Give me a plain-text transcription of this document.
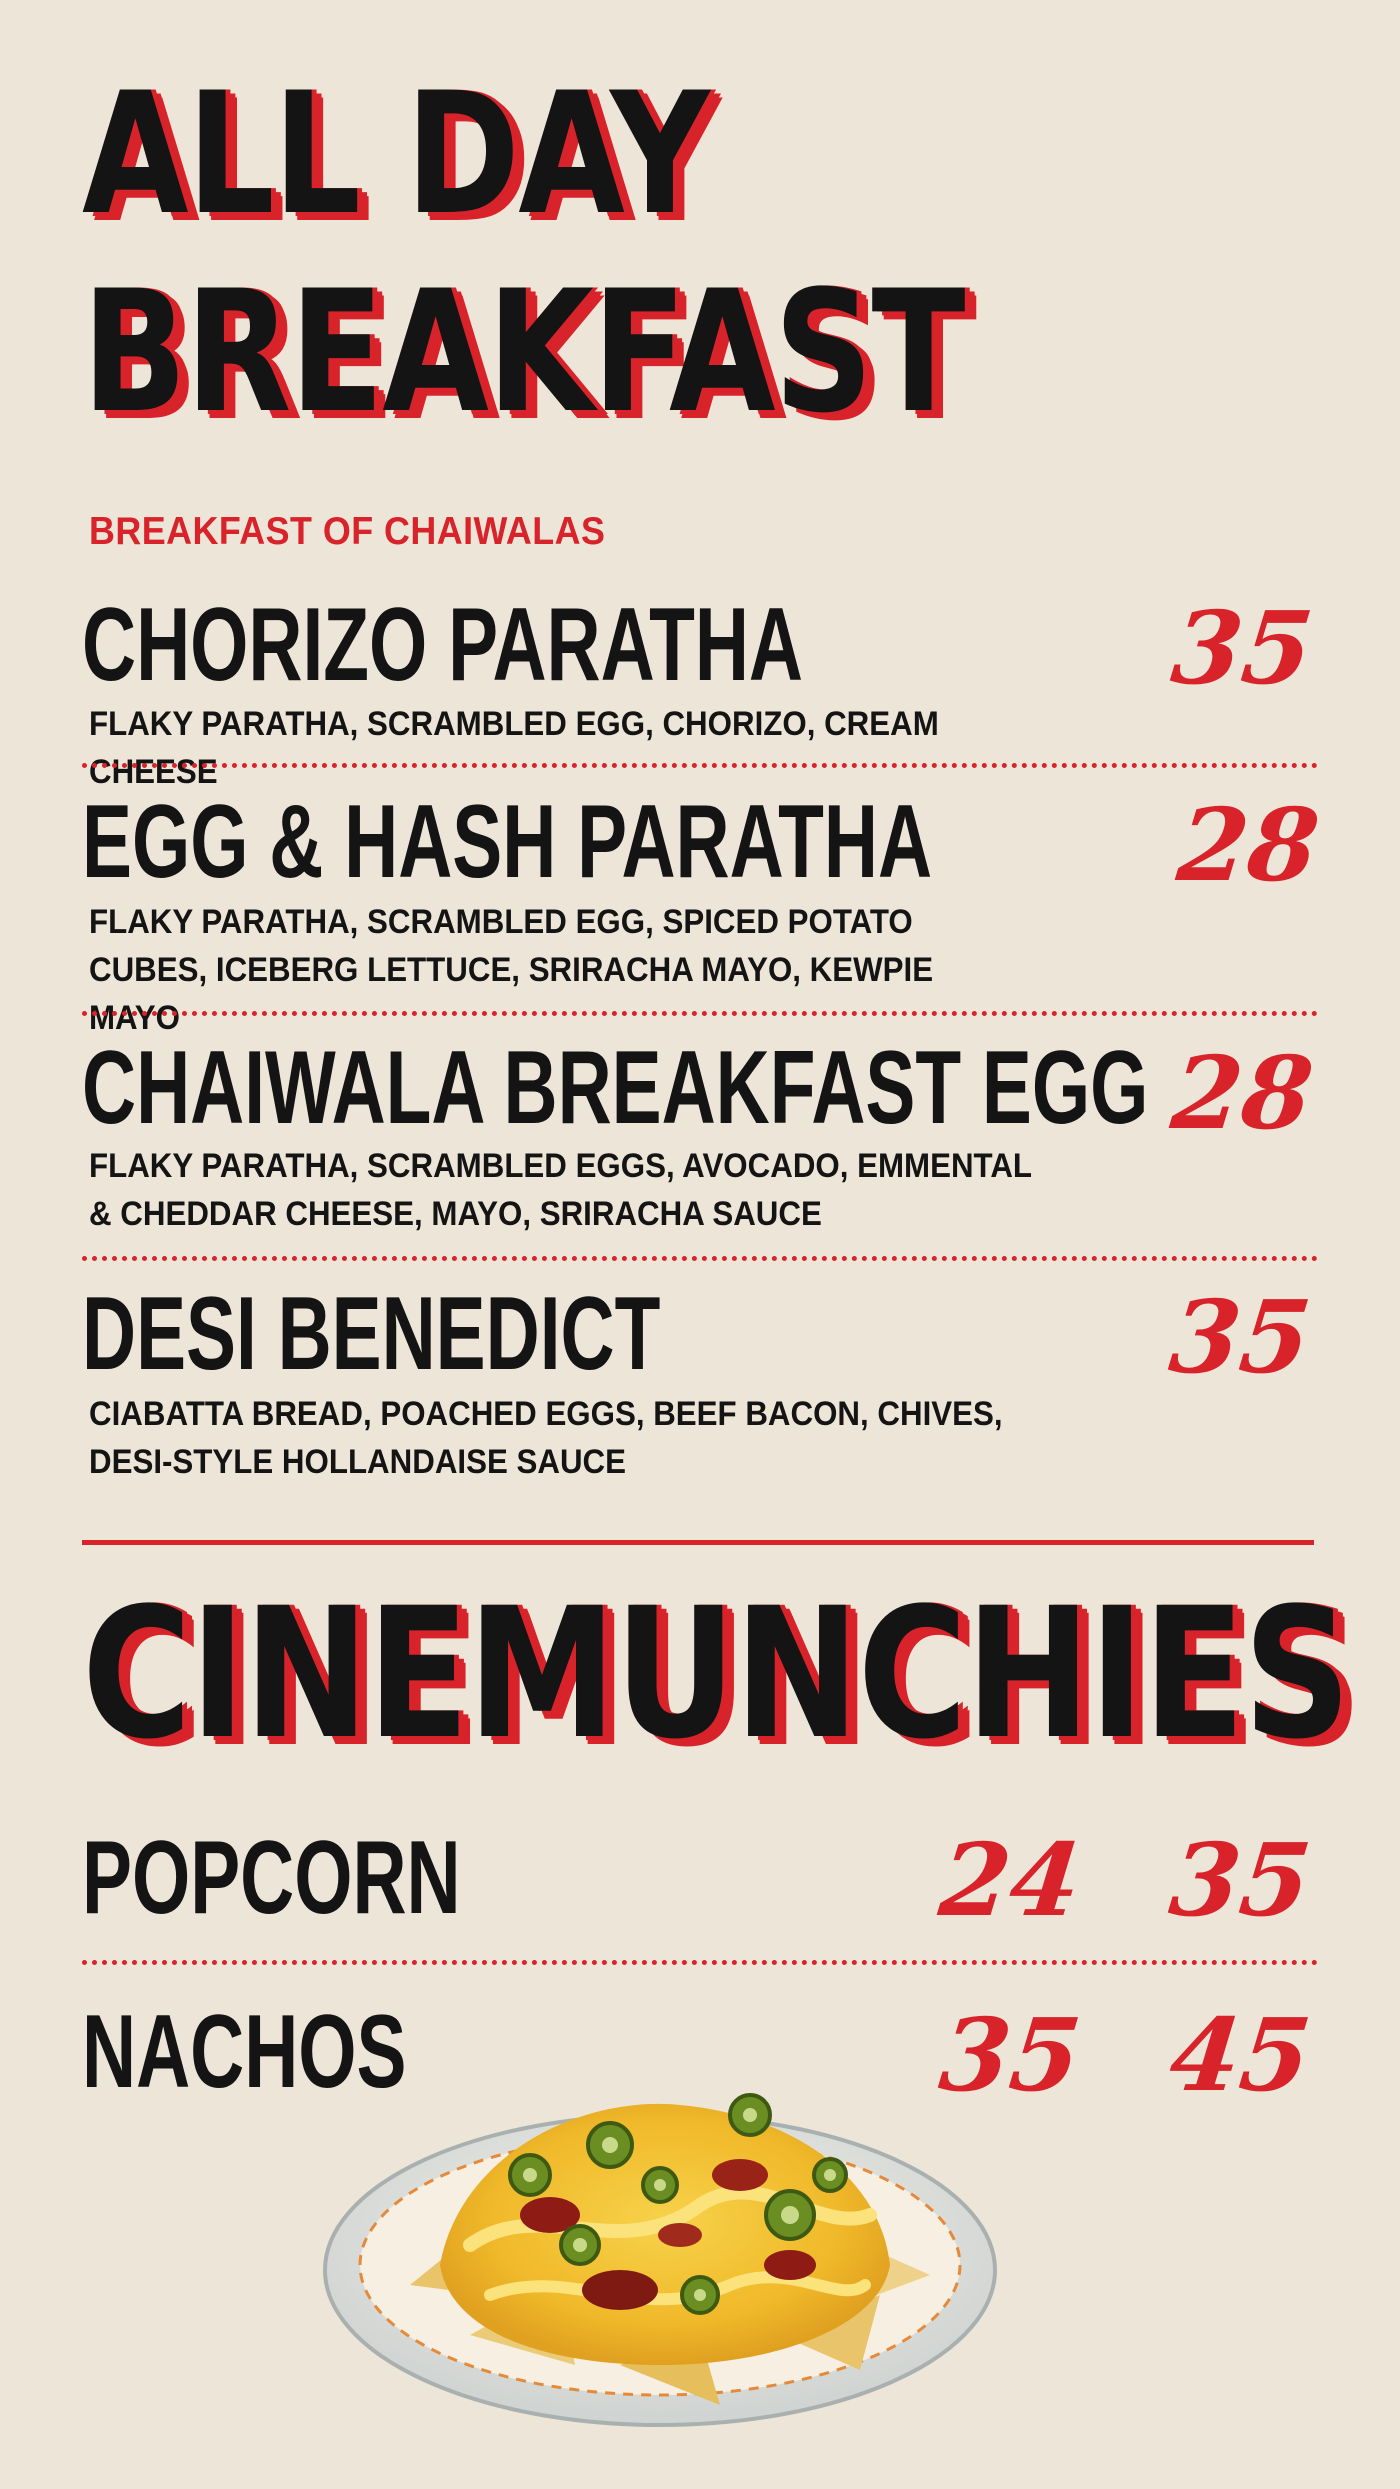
ALL DAY
BREAKFAST
BREAKFAST OF CHAIWALAS
CHORIZO PARATHA	35
FLAKY PARATHA, SCRAMBLED EGG, CHORIZO, CREAM CHEESE
EGG & HASH PARATHA	28
FLAKY PARATHA, SCRAMBLED EGG, SPICED POTATO CUBES, ICEBERG LETTUCE, SRIRACHA MAYO, KEWPIE MAYO
CHAIWALA BREAKFAST EGG 28
FLAKY PARATHA, SCRAMBLED EGGS, AVOCADO, EMMENTAL & CHEDDAR CHEESE, MAYO, SRIRACHA SAUCE
DESI BENEDICT	35
CIABATTA BREAD, POACHED EGGS, BEEF BACON, CHIVES, DESI-STYLE HOLLANDAISE SAUCE
CINEMUNCHIES
POPCORN	24 35
NACHOS	35 45
